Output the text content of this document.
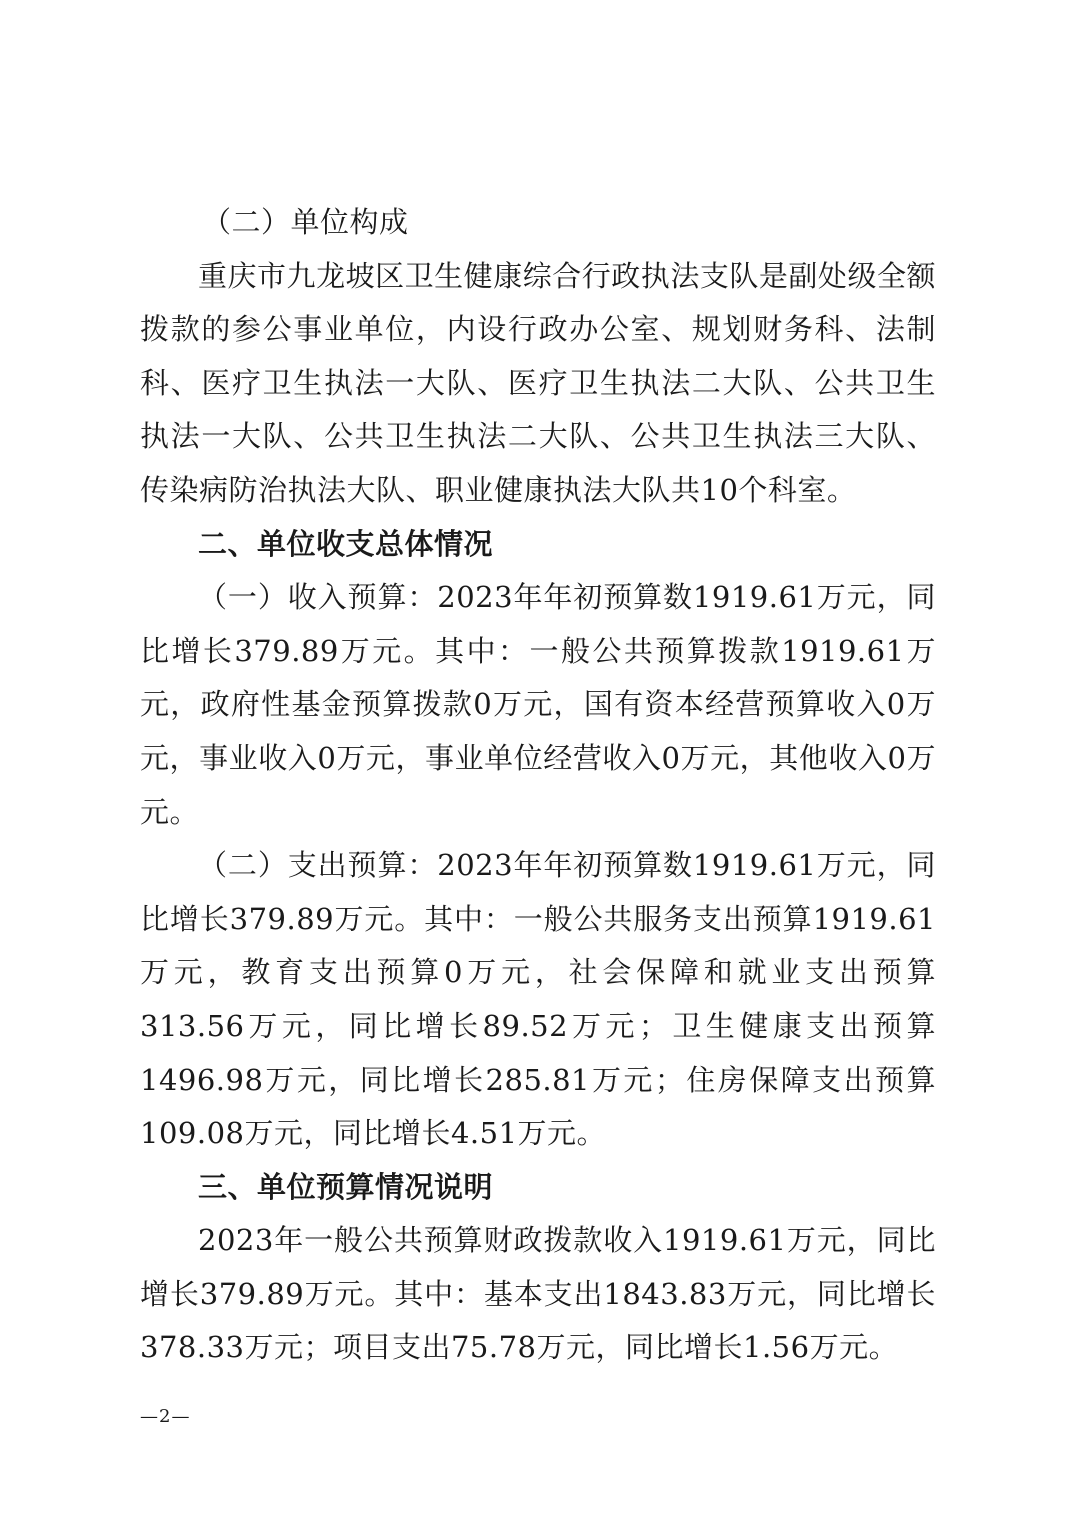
（二）单位构成

重庆市九龙坡区卫生健康综合行政执法支队是副处级全额拨款的参公事业单位，内设行政办公室、规划财务科、法制科、医疗卫生执法一大队、医疗卫生执法二大队、公共卫生执法一大队、公共卫生执法二大队、公共卫生执法三大队、传染病防治执法大队、职业健康执法大队共10个科室。

二、单位收支总体情况

（一）收入预算：2023年年初预算数1919.61万元，同比增长379.89万元。其中：一般公共预算拨款1919.61万元，政府性基金预算拨款0万元，国有资本经营预算收入0万元，事业收入0万元，事业单位经营收入0万元，其他收入0万元。

（二）支出预算：2023年年初预算数1919.61万元，同比增长379.89万元。其中：一般公共服务支出预算1919.61万元，教育支出预算0万元，社会保障和就业支出预算313.56万元，同比增长89.52万元；卫生健康支出预算1496.98万元，同比增长285.81万元；住房保障支出预算109.08万元，同比增长4.51万元。

三、单位预算情况说明

2023年一般公共预算财政拨款收入1919.61万元，同比增长379.89万元。其中：基本支出1843.83万元，同比增长378.33万元；项目支出75.78万元，同比增长1.56万元。

—2—
